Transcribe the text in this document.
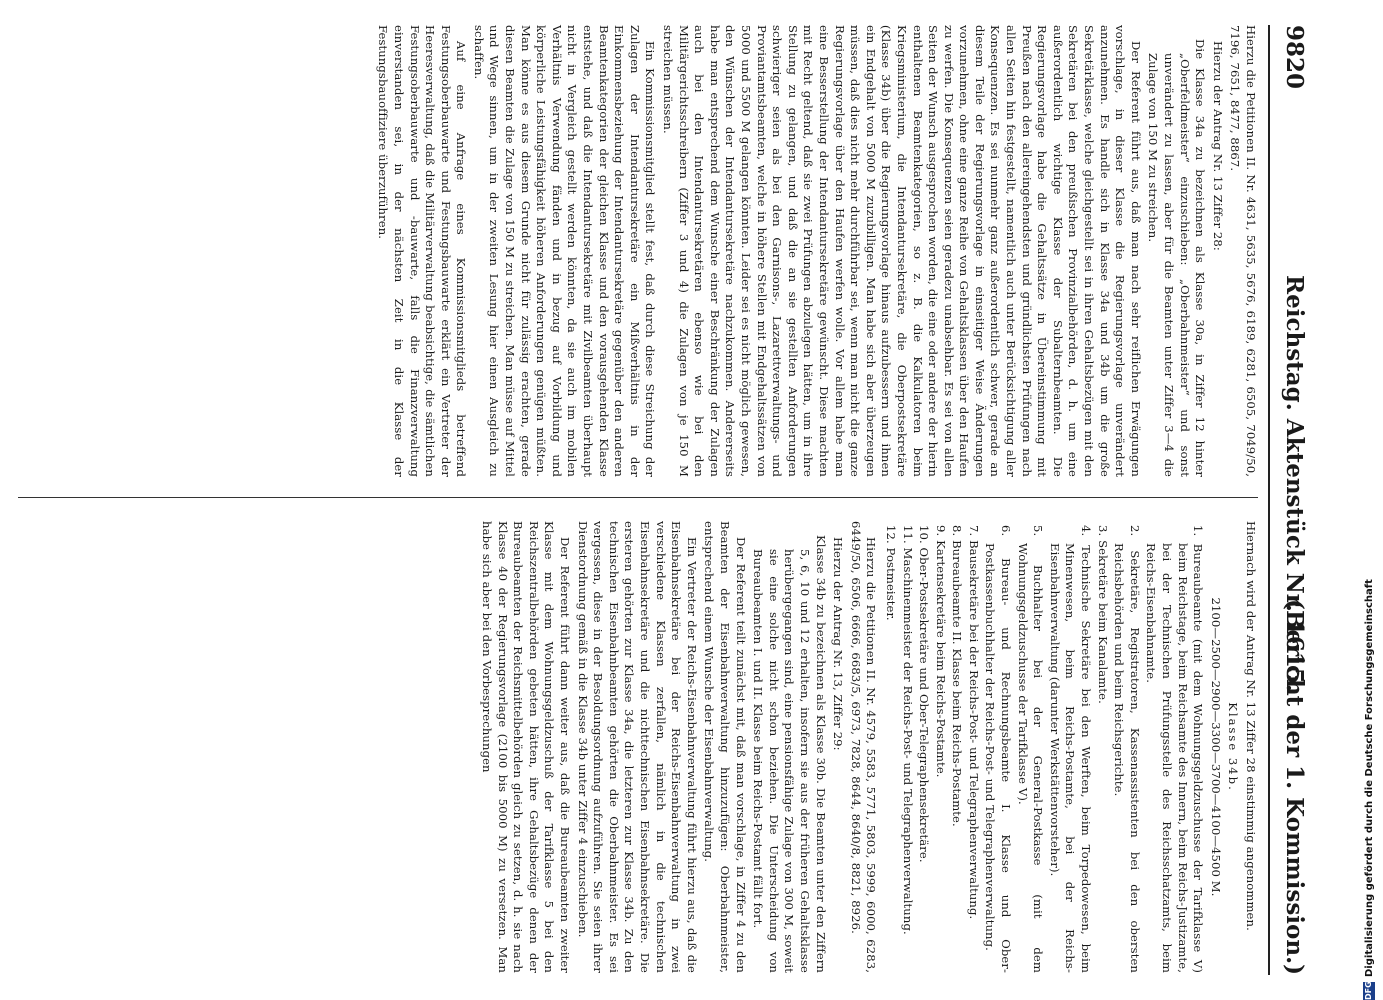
9820
Reichstag. Aktenstück Nr. 1615.
(Bericht der 1. Kommission.)

Hierzu die Petitionen II. Nr. 4631, 5635, 5676, 6189, 6281, 6505, 7049/50, 7196, 7651, 8477, 8867.

Hierzu der Antrag Nr. 13 Ziffer 28:

Die Klasse 34a zu bezeichnen als Klasse 30a, in Ziffer 12 hinter „Oberfeldmeister“ einzuschieben: „Oberbahnmeister“ und sonst unverändert zu lassen, aber für die Beamten unter Ziffer 3—4 die Zulage von 150 M zu streichen.

Der Referent führt aus, daß man nach sehr reiflichen Erwägungen vorschlage, in dieser Klasse die Regierungsvorlage unverändert anzunehmen. Es handle sich in Klasse 34a und 34b um die große Sekretärklasse, welche gleichgestellt sei in ihren Gehaltsbezügen mit den Sekretären bei den preußischen Provinzialbehörden, d. h. um eine außerordentlich wichtige Klasse der Subalternbeamten. Die Regierungsvorlage habe die Gehaltssätze in Übereinstimmung mit Preußen nach den allereingehendsten und gründlichsten Prüfungen nach allen Seiten hin festgestellt, namentlich auch unter Berücksichtigung aller Konsequenzen. Es sei nunmehr ganz außerordentlich schwer, gerade an diesem Teile der Regierungsvorlage in einseitiger Weise Änderungen vorzunehmen, ohne eine ganze Reihe von Gehaltsklassen über den Haufen zu werfen. Die Konsequenzen seien geradezu unabsehbar. Es sei von allen Seiten der Wunsch ausgesprochen worden, die eine oder andere der hierin enthaltenen Beamtenkategorien, so z. B. die Kalkulatoren beim Kriegsministerium, die Intendantursekretäre, die Oberpostsekretäre (Klasse 34b) über die Regierungsvorlage hinaus aufzubessern und ihnen ein Endgehalt von 5000 M zuzubilligen. Man habe sich aber überzeugen müssen, daß dies nicht mehr durchführbar sei, wenn man nicht die ganze Regierungsvorlage über den Haufen werfen wolle. Vor allem habe man eine Besserstellung der Intendantursekretäre gewünscht. Diese machten mit Recht geltend, daß sie zwei Prüfungen abzulegen hätten, um in ihre Stellung zu gelangen, und daß die an sie gestellten Anforderungen schwieriger seien als bei den Garnisons-, Lazarettverwaltungs- und Proviantamtsbeamten, welche in höhere Stellen mit Endgehaltssätzen von 5000 und 5500 M gelangen könnten. Leider sei es nicht möglich gewesen, den Wünschen der Intendantursekretäre nachzukommen. Andererseits habe man entsprechend dem Wunsche einer Beschränkung der Zulagen auch bei den Intendantursekretären ebenso wie bei den Militärgerichtsschreibern (Ziffer 3 und 4) die Zulagen von je 150 M streichen müssen.

Ein Kommissionsmitglied stellt fest, daß durch diese Streichung der Zulagen der Intendantursekretäre ein Mißverhältnis in der Einkommensbeziehung der Intendantursekretäre gegenüber den anderen Beamtenkategorien der gleichen Klasse und den vorausgehenden Klasse entstehe, und daß die Intendantursekretäre mit Zivilbeamten überhaupt nicht in Vergleich gestellt werden könnten, da sie auch im mobilen Verhältnis Verwendung fänden und in bezug auf Vorbildung und körperliche Leistungsfähigkeit höheren Anforderungen genügen müßten. Man könne es aus diesem Grunde nicht für zulässig erachten, gerade diesen Beamten die Zulage von 150 M zu streichen. Man müsse auf Mittel und Wege sinnen, um in der zweiten Lesung hier einen Ausgleich zu schaffen.

Auf eine Anfrage eines Kommissionsmitglieds betreffend Festungsoberbauwarte und Festungsbauwarte erklärt ein Vertreter der Heeresverwaltung, daß die Militärverwaltung beabsichtige, die sämtlichen Festungsoberbauwarte und -bauwarte, falls die Finanzverwaltung einverstanden sei, in der nächsten Zeit in die Klasse der Festungsbauoffiziere überzuführen.

Hiernach wird der Antrag Nr. 13 Ziffer 28 einstimmig angenommen.

Klasse 34b.

2100—2500—2900—3300—3700—4100—4500 M.

1. Bureaubeamte (mit dem Wohnungsgeldzuschusse der Tarifklasse V) beim Reichstage, beim Reichsamte des Innern, beim Reichs-Justizamte, bei der Technischen Prüfungsstelle des Reichsschatzamts, beim Reichs-Eisenbahnamte.
2. Sekretäre, Registratoren, Kassenassistenten bei den obersten Reichsbehörden und beim Reichsgerichte.
3. Sekretäre beim Kanalamte.
4. Technische Sekretäre bei den Werften, beim Torpedowesen, beim Minenwesen, beim Reichs-Postamte, bei der Reichs-Eisenbahnverwaltung (darunter Werkstättenvorsteher).
5. Buchhalter bei der General-Postkasse (mit dem Wohnungsgeldzuschusse der Tarifklasse V).
6. Bureau- und Rechnungsbeamte I. Klasse und Ober-Postkassenbuchhalter der Reichs-Post- und Telegraphenverwaltung.
7. Bausekretäre bei der Reichs-Post- und Telegraphenverwaltung.
8. Bureaubeamte II. Klasse beim Reichs-Postamte.
9. Kartensekretäre beim Reichs-Postamte.
10. Ober-Postsekretäre und Ober-Telegraphensekretäre.
11. Maschinenmeister der Reichs-Post- und Telegraphenverwaltung.
12. Postmeister.

Hierzu die Petitionen II. Nr. 4579, 5583, 5771, 5803, 5999, 6000, 6283, 6449/50, 6506, 6666, 6683/5, 6973, 7828, 8644, 8640/8, 8821, 8926.

Hierzu der Antrag Nr. 13, Ziffer 29:

Klasse 34b zu bezeichnen als Klasse 30b. Die Beamten unter den Ziffern 5, 6, 10 und 12 erhalten, insofern sie aus der früheren Gehaltsklasse herübergegangen sind, eine pensionsfähige Zulage von 300 M, soweit sie eine solche nicht schon beziehen. Die Unterscheidung von Bureaubeamten I. und II. Klasse beim Reichs-Postamt fällt fort.

Der Referent teilt zunächst mit, daß man vorschlage, in Ziffer 4 zu den Beamten der Eisenbahnverwaltung hinzuzufügen: Oberbahnmeister, entsprechend einem Wunsche der Eisenbahnverwaltung.

Ein Vertreter der Reichs-Eisenbahnverwaltung führt hierzu aus, daß die Eisenbahnsekretäre bei der Reichs-Eisenbahnverwaltung in zwei verschiedene Klassen zerfallen, nämlich in die technischen Eisenbahnsekretäre und die nichttechnischen Eisenbahnsekretäre. Die ersteren gehörten zur Klasse 34a, die letzteren zur Klasse 34b. Zu den technischen Eisenbahnbeamten gehörten die Oberbahnmeister. Es sei vergessen, diese in der Besoldungsordnung aufzuführen. Sie seien ihrer Dienstordnung gemäß in die Klasse 34b unter Ziffer 4 einzuschieben.

Der Referent führt dann weiter aus, daß die Bureaubeamten zweiter Klasse mit dem Wohnungsgeldzuschuß der Tarifklasse 5 bei den Reichszentralbehörden gebeten hätten, ihre Gehaltsbezüge denen der Bureaubeamten der Reichsmittelbehörden gleich zu setzen, d. h. sie nach Klasse 40 der Regierungsvorlage (2100 bis 5000 M) zu versetzen. Man habe sich aber bei den Vorbesprechungen

DFGDigitalisierung gefördert durch die Deutsche Forschungsgemeinschaft
